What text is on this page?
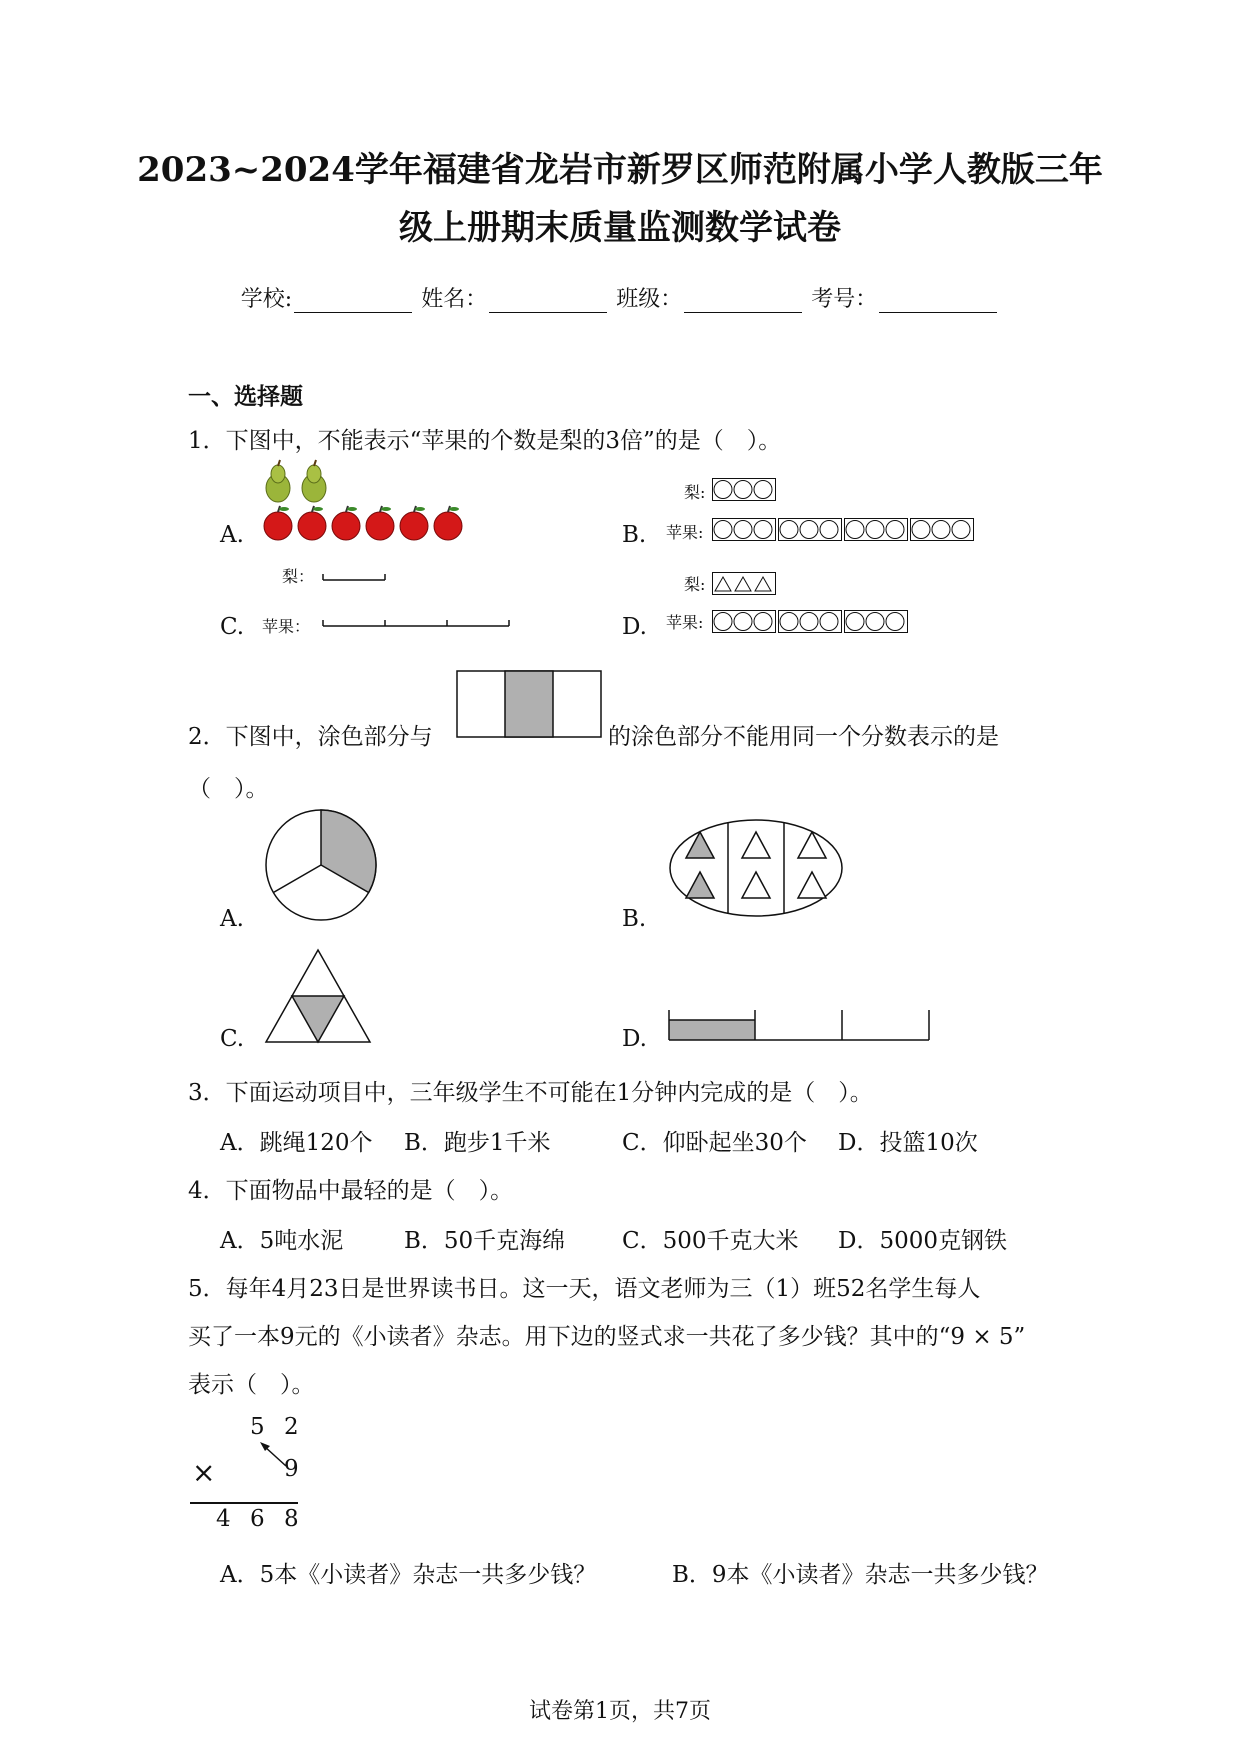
2023~2024学年福建省龙岩市新罗区师范附属小学人教版三年
级上册期末质量监测数学试卷
学校:	姓名：	班级：	考号：
一、选择题
1．下图中，不能表示“苹果的个数是梨的3倍”的是（　）。
A.	B.
梨:
苹果:
梨：
C. 苹果：	D.
梨:
苹果:
2．下图中，涂色部分与	的涂色部分不能用同一个分数表示的是
（　）。
A.	B.
C.	D.
3．下面运动项目中，三年级学生不可能在1分钟内完成的是（　）。
A．跳绳120个 B．跑步1千米	C．仰卧起坐30个 D．投篮10次
4．下面物品中最轻的是（　）。
A．5吨水泥	B．50千克海绵 C．500千克大米 D．5000克钢铁
5．每年4月23日是世界读书日。这一天，语文老师为三（1）班52名学生每人
买了一本9元的《小读者》杂志。用下边的竖式求一共花了多少钱？其中的“9 × 5”
表示（　）。
5 2
×	9
4 6 8
A．5本《小读者》杂志一共多少钱？	B．9本《小读者》杂志一共多少钱？
试卷第1页，共7页
